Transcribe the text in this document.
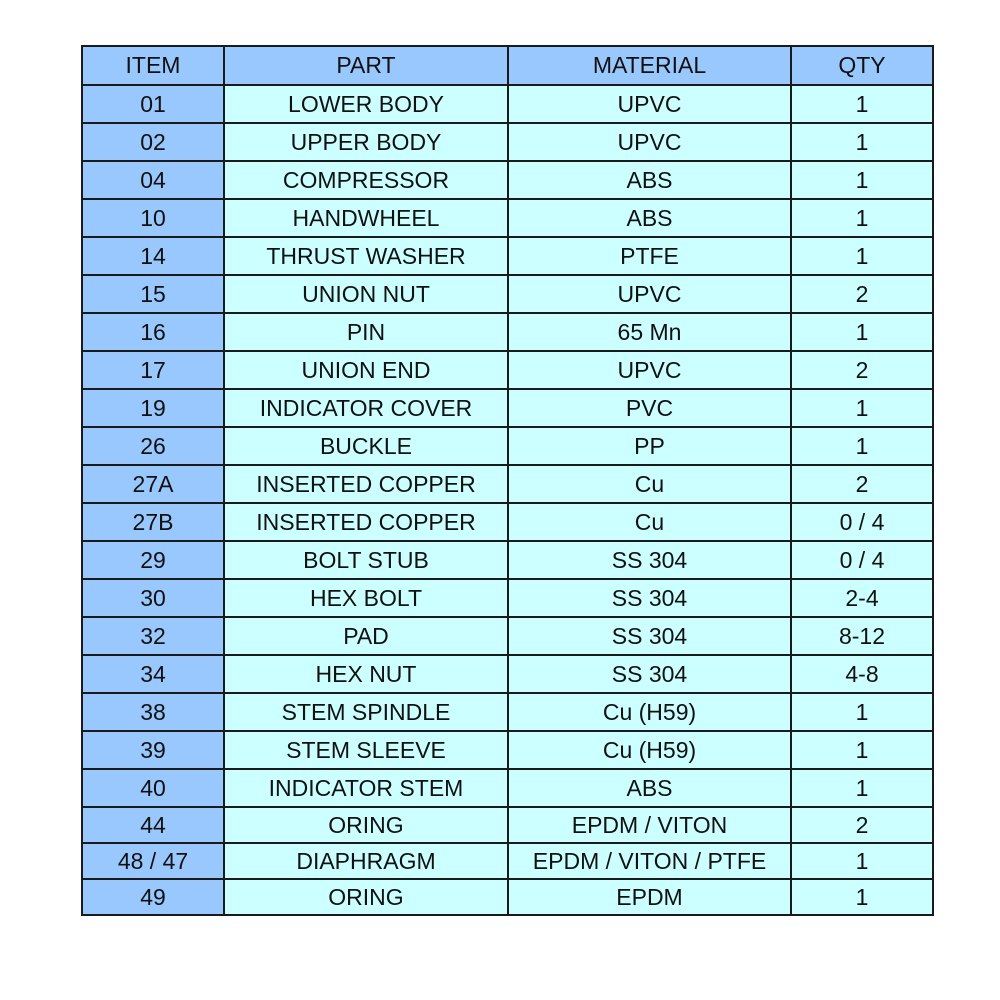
ITEM	PART	MATERIAL	QTY
01	LOWER BODY	UPVC	1
02	UPPER BODY	UPVC	1
04	COMPRESSOR	ABS	1
10	HANDWHEEL	ABS	1
14	THRUST WASHER	PTFE	1
15	UNION NUT	UPVC	2
16	PIN	65 Mn	1
17	UNION END	UPVC	2
19	INDICATOR COVER	PVC	1
26	BUCKLE	PP	1
27A	INSERTED COPPER	Cu	2
27B	INSERTED COPPER	Cu	0 / 4
29	BOLT STUB	SS 304	0 / 4
30	HEX BOLT	SS 304	2-4
32	PAD	SS 304	8-12
34	HEX NUT	SS 304	4-8
38	STEM SPINDLE	Cu (H59)	1
39	STEM SLEEVE	Cu (H59)	1
40	INDICATOR STEM	ABS	1
44	ORING	EPDM / VITON	2
48 / 47	DIAPHRAGM	EPDM / VITON / PTFE	1
49	ORING	EPDM	1
